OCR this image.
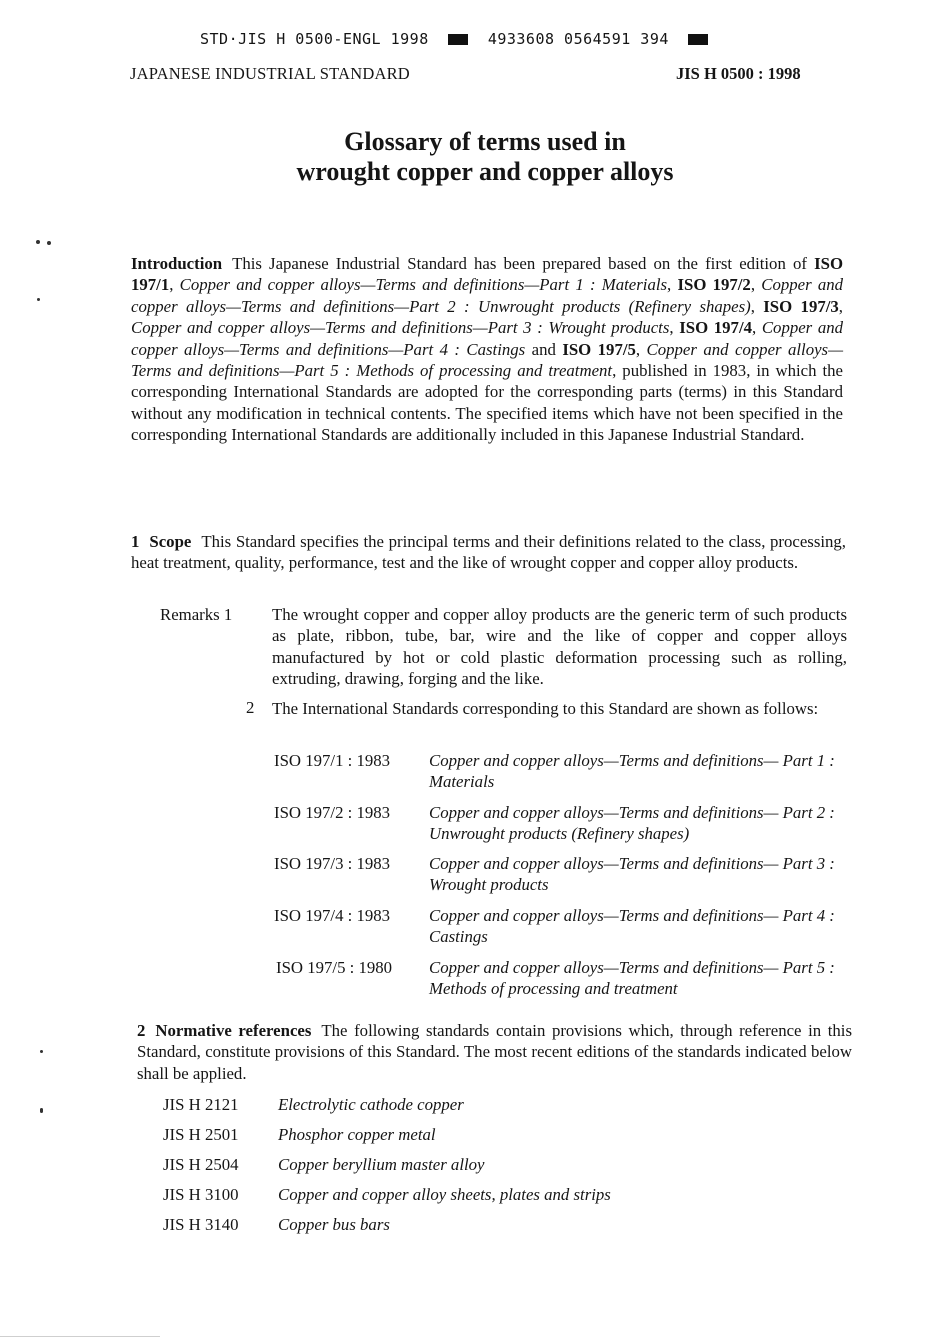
STD·JIS H 0500-ENGL 1998	4933608 0564591 394
JAPANESE INDUSTRIAL STANDARD	JIS H 0500 : 1998
Glossary of terms used in
wrought copper and copper alloys
Introduction This Japanese Industrial Standard has been prepared based on the first edition of ISO 197/1, Copper and copper alloys—Terms and definitions—Part 1 : Materials, ISO 197/2, Copper and copper alloys—Terms and definitions—Part 2 : Unwrought products (Refinery shapes), ISO 197/3, Copper and copper alloys—Terms and definitions—Part 3 : Wrought products, ISO 197/4, Copper and copper alloys—Terms and definitions—Part 4 : Castings and ISO 197/5, Copper and copper alloys—Terms and definitions—Part 5 : Methods of processing and treatment, published in 1983, in which the corresponding International Standards are adopted for the corresponding parts (terms) in this Standard without any modification in technical contents. The specified items which have not been specified in the corresponding International Standards are additionally included in this Japanese Industrial Standard.
1 Scope This Standard specifies the principal terms and their definitions related to the class, processing, heat treatment, quality, performance, test and the like of wrought copper and copper alloy products.
Remarks 1 The wrought copper and copper alloy products are the generic term of such products as plate, ribbon, tube, bar, wire and the like of copper and copper alloys manufactured by hot or cold plastic deformation processing such as rolling, extruding, drawing, forging and the like.
2 The International Standards corresponding to this Standard are shown as follows:
ISO 197/1 : 1983	Copper and copper alloys—Terms and definitions— Part 1 : Materials
ISO 197/2 : 1983	Copper and copper alloys—Terms and definitions— Part 2 : Unwrought products (Refinery shapes)
ISO 197/3 : 1983	Copper and copper alloys—Terms and definitions— Part 3 : Wrought products
ISO 197/4 : 1983	Copper and copper alloys—Terms and definitions— Part 4 : Castings
ISO 197/5 : 1980	Copper and copper alloys—Terms and definitions— Part 5 : Methods of processing and treatment
2 Normative references The following standards contain provisions which, through reference in this Standard, constitute provisions of this Standard. The most recent editions of the standards indicated below shall be applied.
JIS H 2121 Electrolytic cathode copper
JIS H 2501 Phosphor copper metal
JIS H 2504 Copper beryllium master alloy
JIS H 3100 Copper and copper alloy sheets, plates and strips
JIS H 3140 Copper bus bars
